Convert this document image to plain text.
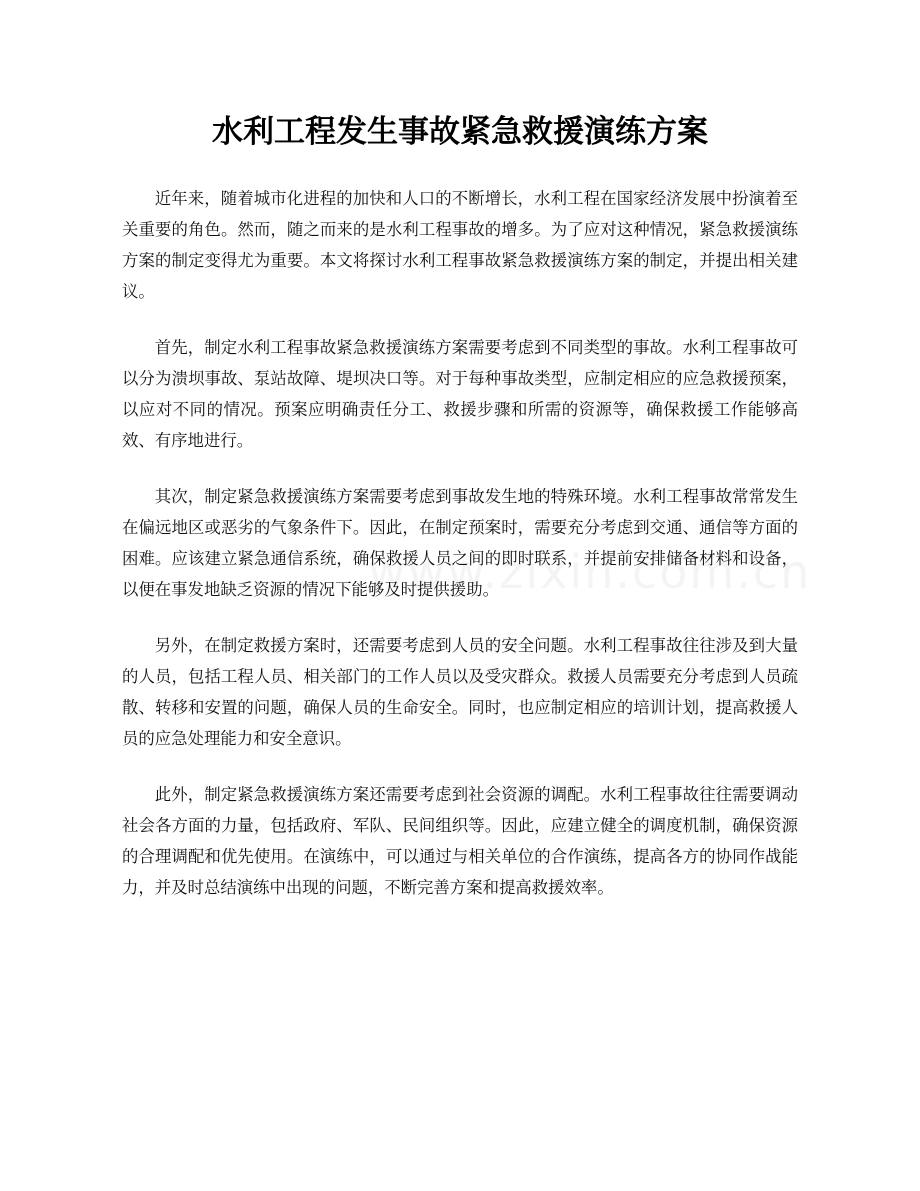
水利工程发生事故紧急救援演练方案

近年来，随着城市化进程的加快和人口的不断增长，水利工程在国家经济发展中扮演着至关重要的角色。然而，随之而来的是水利工程事故的增多。为了应对这种情况，紧急救援演练方案的制定变得尤为重要。本文将探讨水利工程事故紧急救援演练方案的制定，并提出相关建议。

首先，制定水利工程事故紧急救援演练方案需要考虑到不同类型的事故。水利工程事故可以分为溃坝事故、泵站故障、堤坝决口等。对于每种事故类型，应制定相应的应急救援预案，以应对不同的情况。预案应明确责任分工、救援步骤和所需的资源等，确保救援工作能够高效、有序地进行。

其次，制定紧急救援演练方案需要考虑到事故发生地的特殊环境。水利工程事故常常发生在偏远地区或恶劣的气象条件下。因此，在制定预案时，需要充分考虑到交通、通信等方面的困难。应该建立紧急通信系统，确保救援人员之间的即时联系，并提前安排储备材料和设备，以便在事发地缺乏资源的情况下能够及时提供援助。

另外，在制定救援方案时，还需要考虑到人员的安全问题。水利工程事故往往涉及到大量的人员，包括工程人员、相关部门的工作人员以及受灾群众。救援人员需要充分考虑到人员疏散、转移和安置的问题，确保人员的生命安全。同时，也应制定相应的培训计划，提高救援人员的应急处理能力和安全意识。

此外，制定紧急救援演练方案还需要考虑到社会资源的调配。水利工程事故往往需要调动社会各方面的力量，包括政府、军队、民间组织等。因此，应建立健全的调度机制，确保资源的合理调配和优先使用。在演练中，可以通过与相关单位的合作演练，提高各方的协同作战能力，并及时总结演练中出现的问题，不断完善方案和提高救援效率。
